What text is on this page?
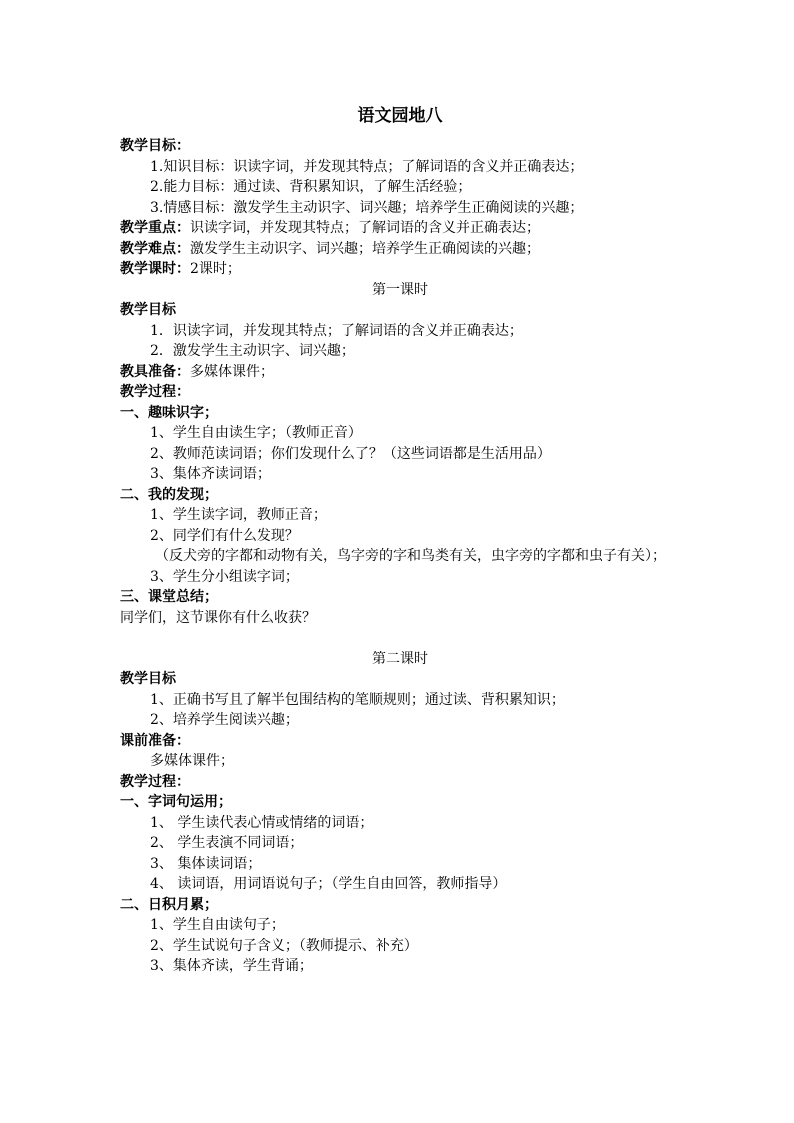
语文园地八
教学目标：
1.知识目标：识读字词，并发现其特点；了解词语的含义并正确表达；
2.能力目标：通过读、背积累知识，了解生活经验；
3.情感目标：激发学生主动识字、词兴趣；培养学生正确阅读的兴趣；
教学重点：识读字词，并发现其特点；了解词语的含义并正确表达；
教学难点：激发学生主动识字、词兴趣；培养学生正确阅读的兴趣；
教学课时：2课时；
第一课时
教学目标
1．识读字词，并发现其特点；了解词语的含义并正确表达；
2．激发学生主动识字、词兴趣；
教具准备：多媒体课件；
教学过程：
一、趣味识字；
1、学生自由读生字；（教师正音）
2、教师范读词语；你们发现什么了？（这些词语都是生活用品）
3、集体齐读词语；
二、我的发现；
1、学生读字词，教师正音；
2、同学们有什么发现？
（反犬旁的字都和动物有关，鸟字旁的字和鸟类有关，虫字旁的字都和虫子有关）；
3、学生分小组读字词；
三、课堂总结；
同学们，这节课你有什么收获？
第二课时
教学目标
1、正确书写且了解半包围结构的笔顺规则；通过读、背积累知识；
2、培养学生阅读兴趣；
课前准备：
多媒体课件；
教学过程：
一、字词句运用；
1、 学生读代表心情或情绪的词语；
2、 学生表演不同词语；
3、 集体读词语；
4、 读词语，用词语说句子；（学生自由回答，教师指导）
二、日积月累；
1、学生自由读句子；
2、学生试说句子含义；（教师提示、补充）
3、集体齐读，学生背诵；
